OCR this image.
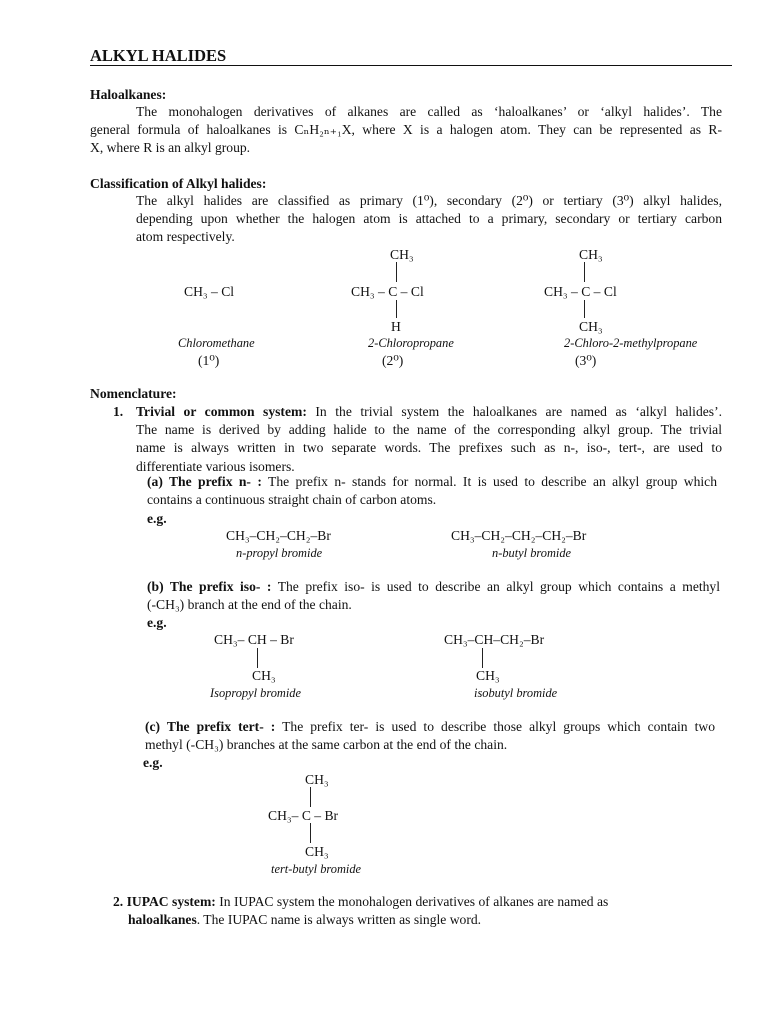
ALKYL HALIDES
Haloalkanes:
The monohalogen derivatives of alkanes are called as ‘haloalkanes’ or ‘alkyl halides’. The
general formula of haloalkanes is CₙH₂ₙ₊₁X, where X is a halogen atom. They can be represented as R-
X, where R is an alkyl group.
Classification of Alkyl halides:
The alkyl halides are classified as primary (1⁰), secondary (2⁰) or tertiary (3⁰) alkyl halides,
depending upon whether the halogen atom is attached to a primary, secondary or tertiary carbon
atom respectively.
CH₃ – Cl
Chloromethane
(1⁰)
CH₃
CH₃ – C – Cl
H
2-Chloropropane
(2⁰)
CH₃
CH₃ – C – Cl
CH₃
2-Chloro-2-methylpropane
(3⁰)
Nomenclature:
1. Trivial or common system: In the trivial system the haloalkanes are named as ‘alkyl halides’.
The name is derived by adding halide to the name of the corresponding alkyl group. The trivial
name is always written in two separate words. The prefixes such as n-, iso-, tert-, are used to
differentiate various isomers.
(a) The prefix n- : The prefix n- stands for normal. It is used to describe an alkyl group which
contains a continuous straight chain of carbon atoms.
e.g.
CH₃–CH₂–CH₂–Br
n-propyl bromide
CH₃–CH₂–CH₂–CH₂–Br
n-butyl bromide
(b) The prefix iso- : The prefix iso- is used to describe an alkyl group which contains a methyl
(-CH₃) branch at the end of the chain.
e.g.
CH₃– CH – Br
CH₃
Isopropyl bromide
CH₃–CH–CH₂–Br
CH₃
isobutyl bromide
(c) The prefix tert- : The prefix ter- is used to describe those alkyl groups which contain two
methyl (-CH₃) branches at the same carbon at the end of the chain.
e.g.
CH₃
CH₃– C – Br
CH₃
tert-butyl bromide
2. IUPAC system: In IUPAC system the monohalogen derivatives of alkanes are named as
haloalkanes. The IUPAC name is always written as single word.
